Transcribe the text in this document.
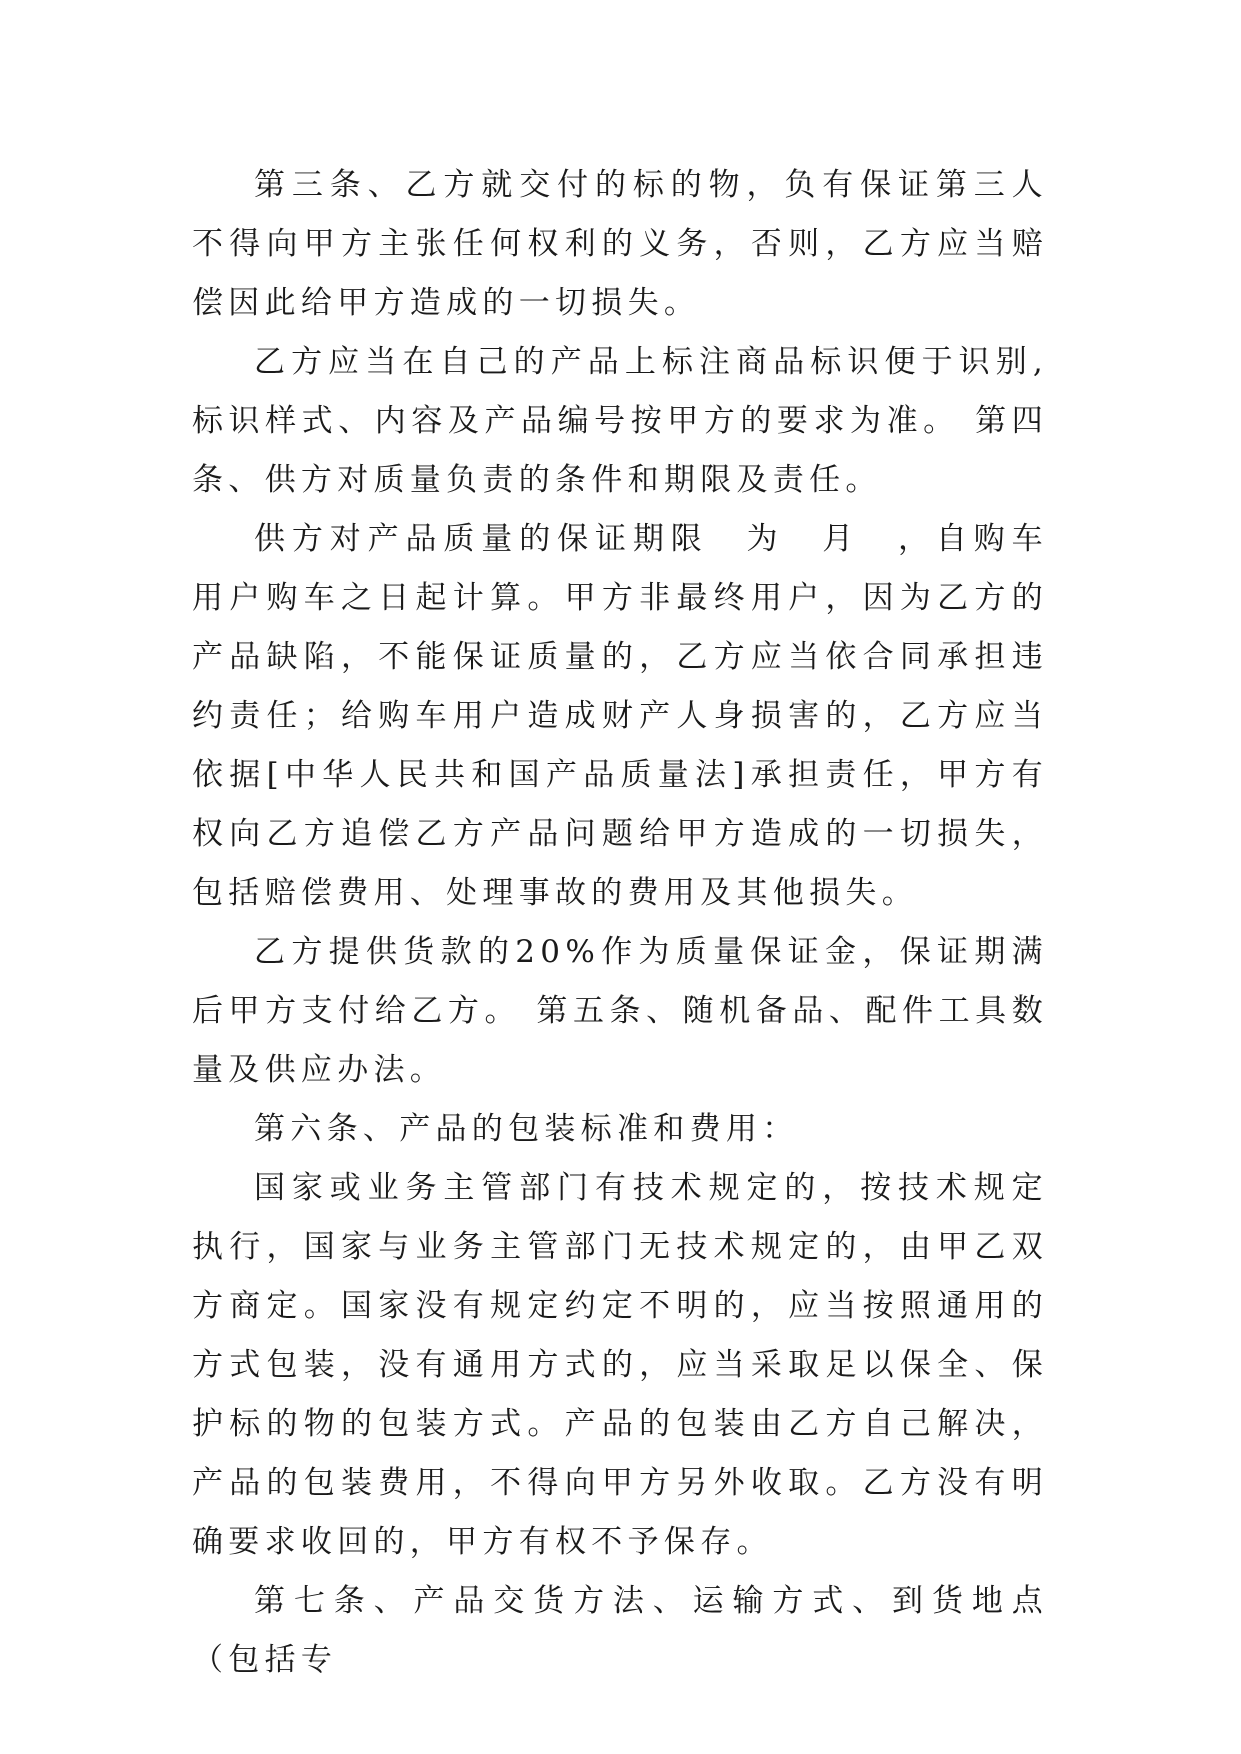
第三条、乙方就交付的标的物，负有保证第三人不得向甲方主张任何权利的义务，否则，乙方应当赔偿因此给甲方造成的一切损失。

乙方应当在自己的产品上标注商品标识便于识别,标识样式、内容及产品编号按甲方的要求为准。 第四条、供方对质量负责的条件和期限及责任。

供方对产品质量的保证期限　为　月　，自购车用户购车之日起计算。甲方非最终用户，因为乙方的产品缺陷，不能保证质量的，乙方应当依合同承担违约责任；给购车用户造成财产人身损害的，乙方应当依据[中华人民共和国产品质量法]承担责任，甲方有权向乙方追偿乙方产品问题给甲方造成的一切损失，包括赔偿费用、处理事故的费用及其他损失。

乙方提供货款的20%作为质量保证金，保证期满后甲方支付给乙方。 第五条、随机备品、配件工具数量及供应办法。

第六条、产品的包装标准和费用：

国家或业务主管部门有技术规定的，按技术规定执行，国家与业务主管部门无技术规定的，由甲乙双方商定。国家没有规定约定不明的，应当按照通用的方式包装，没有通用方式的，应当采取足以保全、保护标的物的包装方式。产品的包装由乙方自己解决，产品的包装费用，不得向甲方另外收取。乙方没有明确要求收回的，甲方有权不予保存。

第七条、产品交货方法、运输方式、到货地点（包括专
